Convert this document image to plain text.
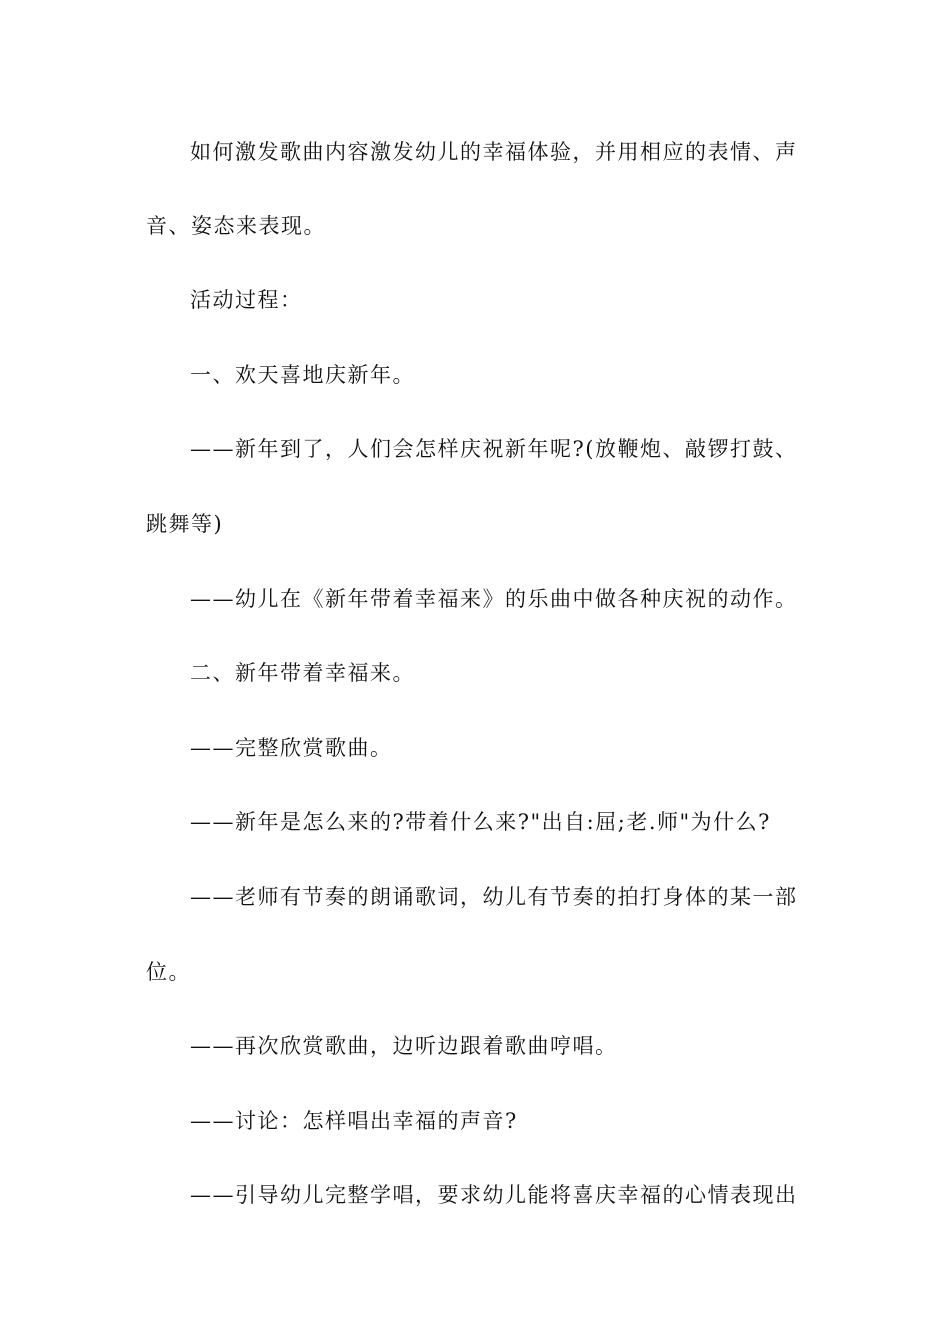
如何激发歌曲内容激发幼儿的幸福体验，并用相应的表情、声
音、姿态来表现。
活动过程：
一、欢天喜地庆新年。
——新年到了，人们会怎样庆祝新年呢?(放鞭炮、敲锣打鼓、
跳舞等)
——幼儿在《新年带着幸福来》的乐曲中做各种庆祝的动作。
二、新年带着幸福来。
——完整欣赏歌曲。
——新年是怎么来的?带着什么来?"出自:屈;老.师"为什么?
——老师有节奏的朗诵歌词，幼儿有节奏的拍打身体的某一部
位。
——再次欣赏歌曲，边听边跟着歌曲哼唱。
——讨论：怎样唱出幸福的声音?
——引导幼儿完整学唱，要求幼儿能将喜庆幸福的心情表现出
